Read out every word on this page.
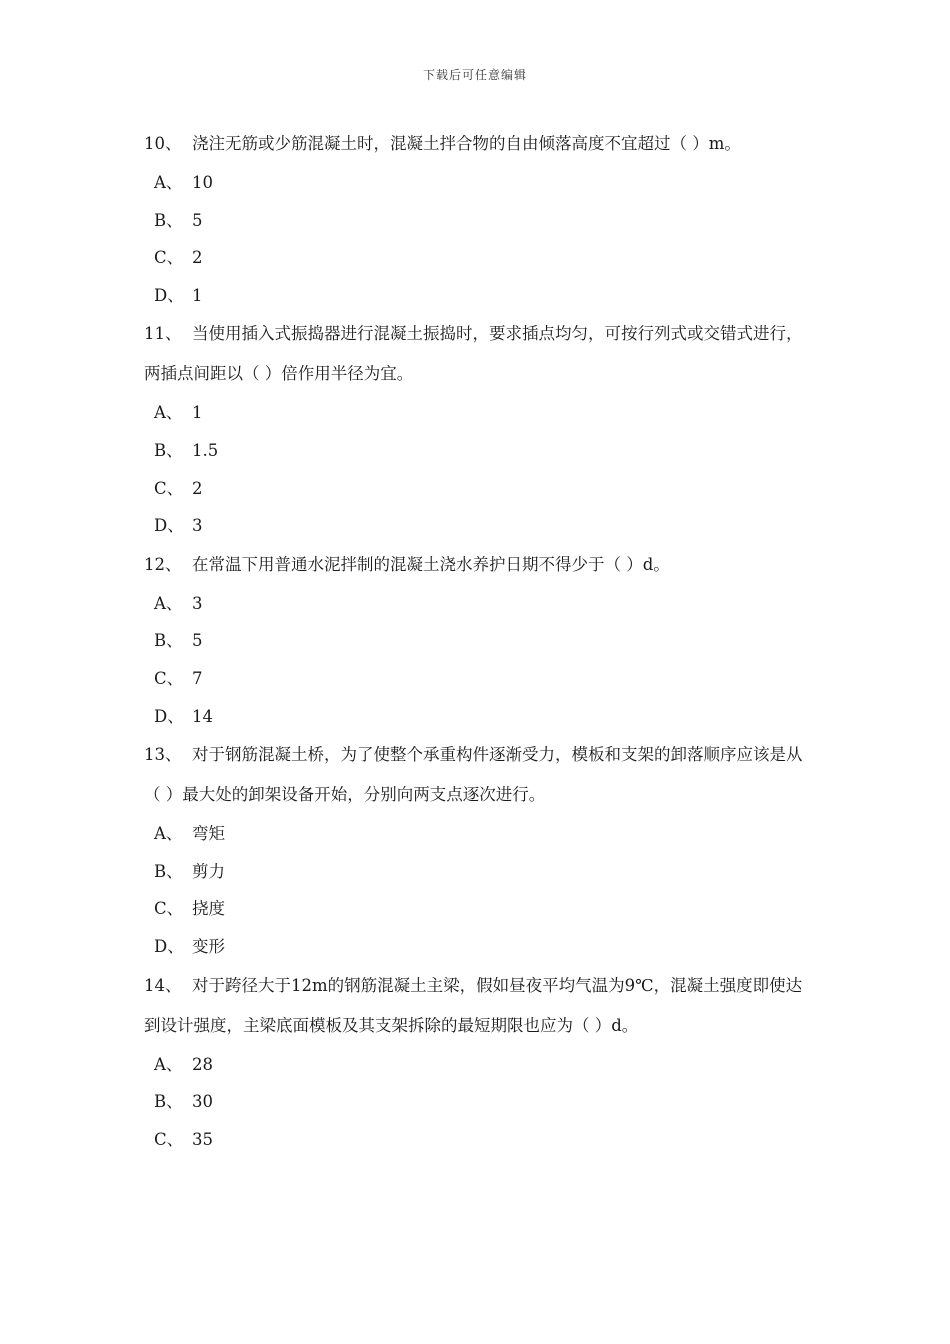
下载后可任意编辑

10、 浇注无筋或少筋混凝土时，混凝土拌合物的自由倾落高度不宜超过（ ）m。

A、 10
B、 5
C、 2
D、 1

11、 当使用插入式振捣器进行混凝土振捣时，要求插点均匀，可按行列式或交错式进行，两插点间距以（ ）倍作用半径为宜。

A、 1
B、 1.5
C、 2
D、 3

12、 在常温下用普通水泥拌制的混凝土浇水养护日期不得少于（ ）d。

A、 3
B、 5
C、 7
D、 14

13、 对于钢筋混凝土桥，为了使整个承重构件逐渐受力，模板和支架的卸落顺序应该是从（ ）最大处的卸架设备开始，分别向两支点逐次进行。

A、 弯矩
B、 剪力
C、 挠度
D、 变形

14、 对于跨径大于12m的钢筋混凝土主梁，假如昼夜平均气温为9℃，混凝土强度即使达到设计强度，主梁底面模板及其支架拆除的最短期限也应为（ ）d。

A、 28
B、 30
C、 35
